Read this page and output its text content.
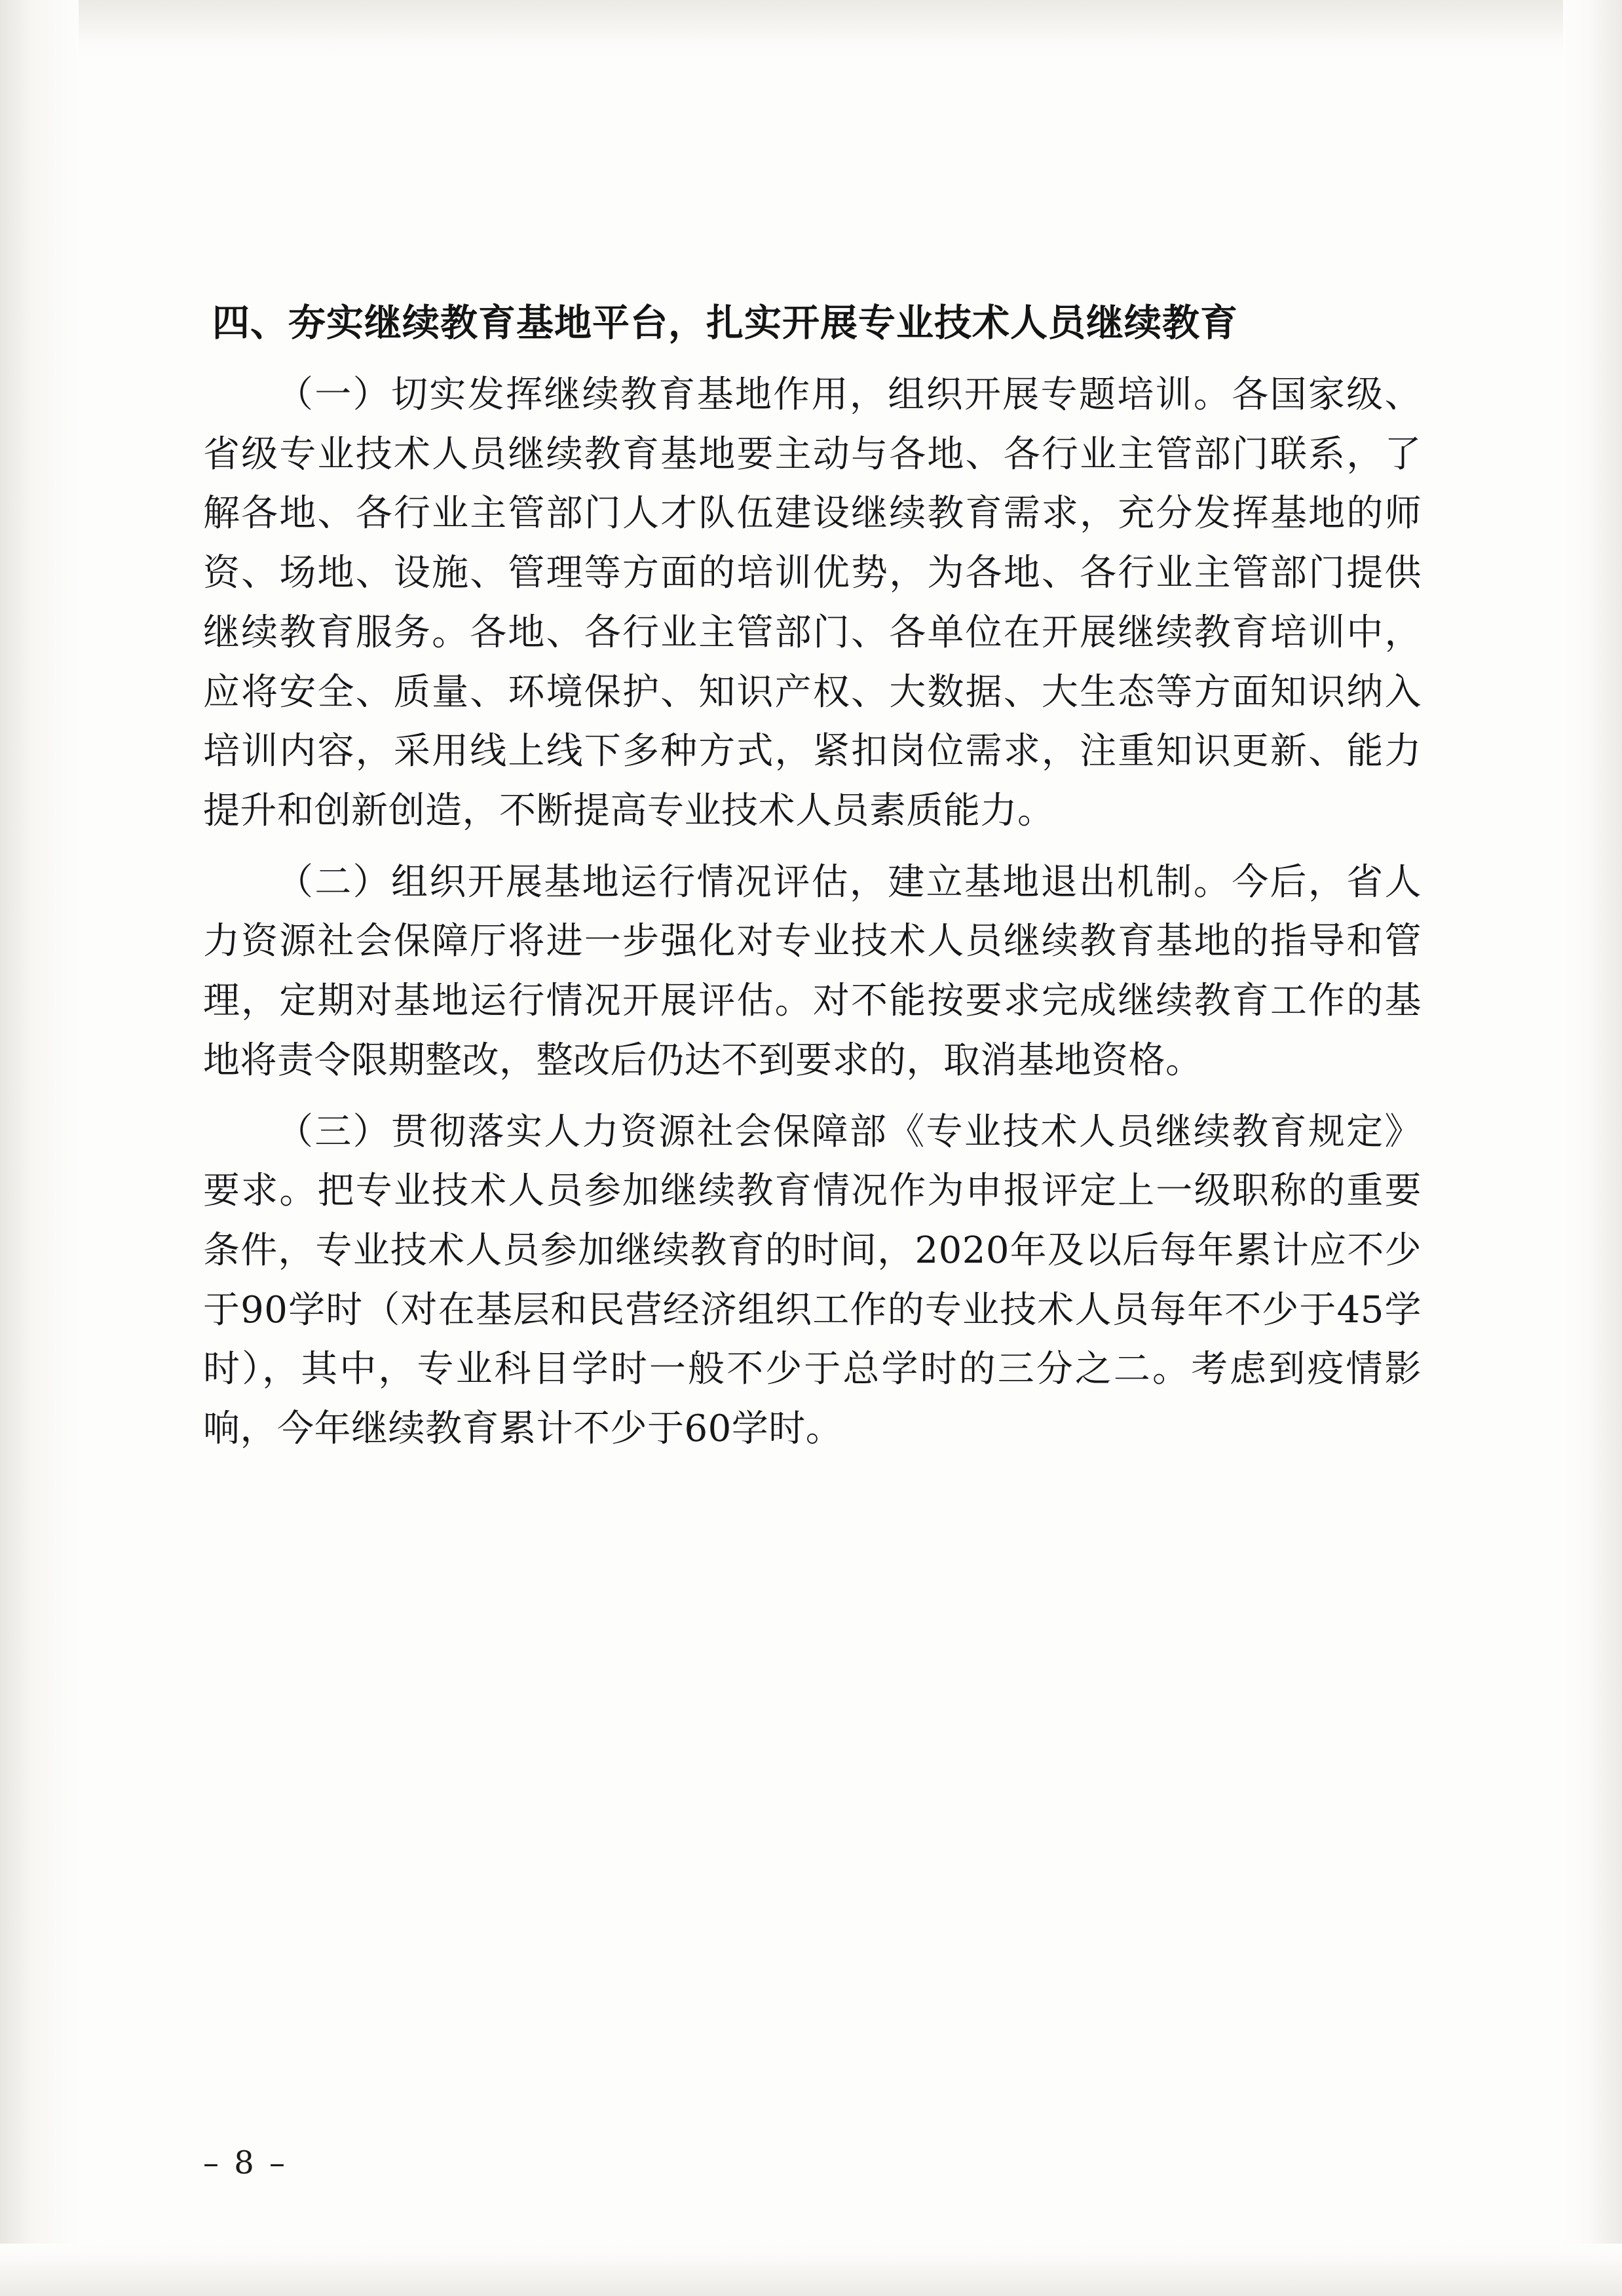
四、夯实继续教育基地平台，扎实开展专业技术人员继续教育

（一）切实发挥继续教育基地作用，组织开展专题培训。各国家级、省级专业技术人员继续教育基地要主动与各地、各行业主管部门联系，了解各地、各行业主管部门人才队伍建设继续教育需求，充分发挥基地的师资、场地、设施、管理等方面的培训优势，为各地、各行业主管部门提供继续教育服务。各地、各行业主管部门、各单位在开展继续教育培训中，应将安全、质量、环境保护、知识产权、大数据、大生态等方面知识纳入培训内容，采用线上线下多种方式，紧扣岗位需求，注重知识更新、能力提升和创新创造，不断提高专业技术人员素质能力。

（二）组织开展基地运行情况评估，建立基地退出机制。今后，省人力资源社会保障厅将进一步强化对专业技术人员继续教育基地的指导和管理，定期对基地运行情况开展评估。对不能按要求完成继续教育工作的基地将责令限期整改，整改后仍达不到要求的，取消基地资格。

（三）贯彻落实人力资源社会保障部《专业技术人员继续教育规定》要求。把专业技术人员参加继续教育情况作为申报评定上一级职称的重要条件，专业技术人员参加继续教育的时间，2020年及以后每年累计应不少于90学时（对在基层和民营经济组织工作的专业技术人员每年不少于45学时），其中，专业科目学时一般不少于总学时的三分之二。考虑到疫情影响，今年继续教育累计不少于60学时。

– 8 –
